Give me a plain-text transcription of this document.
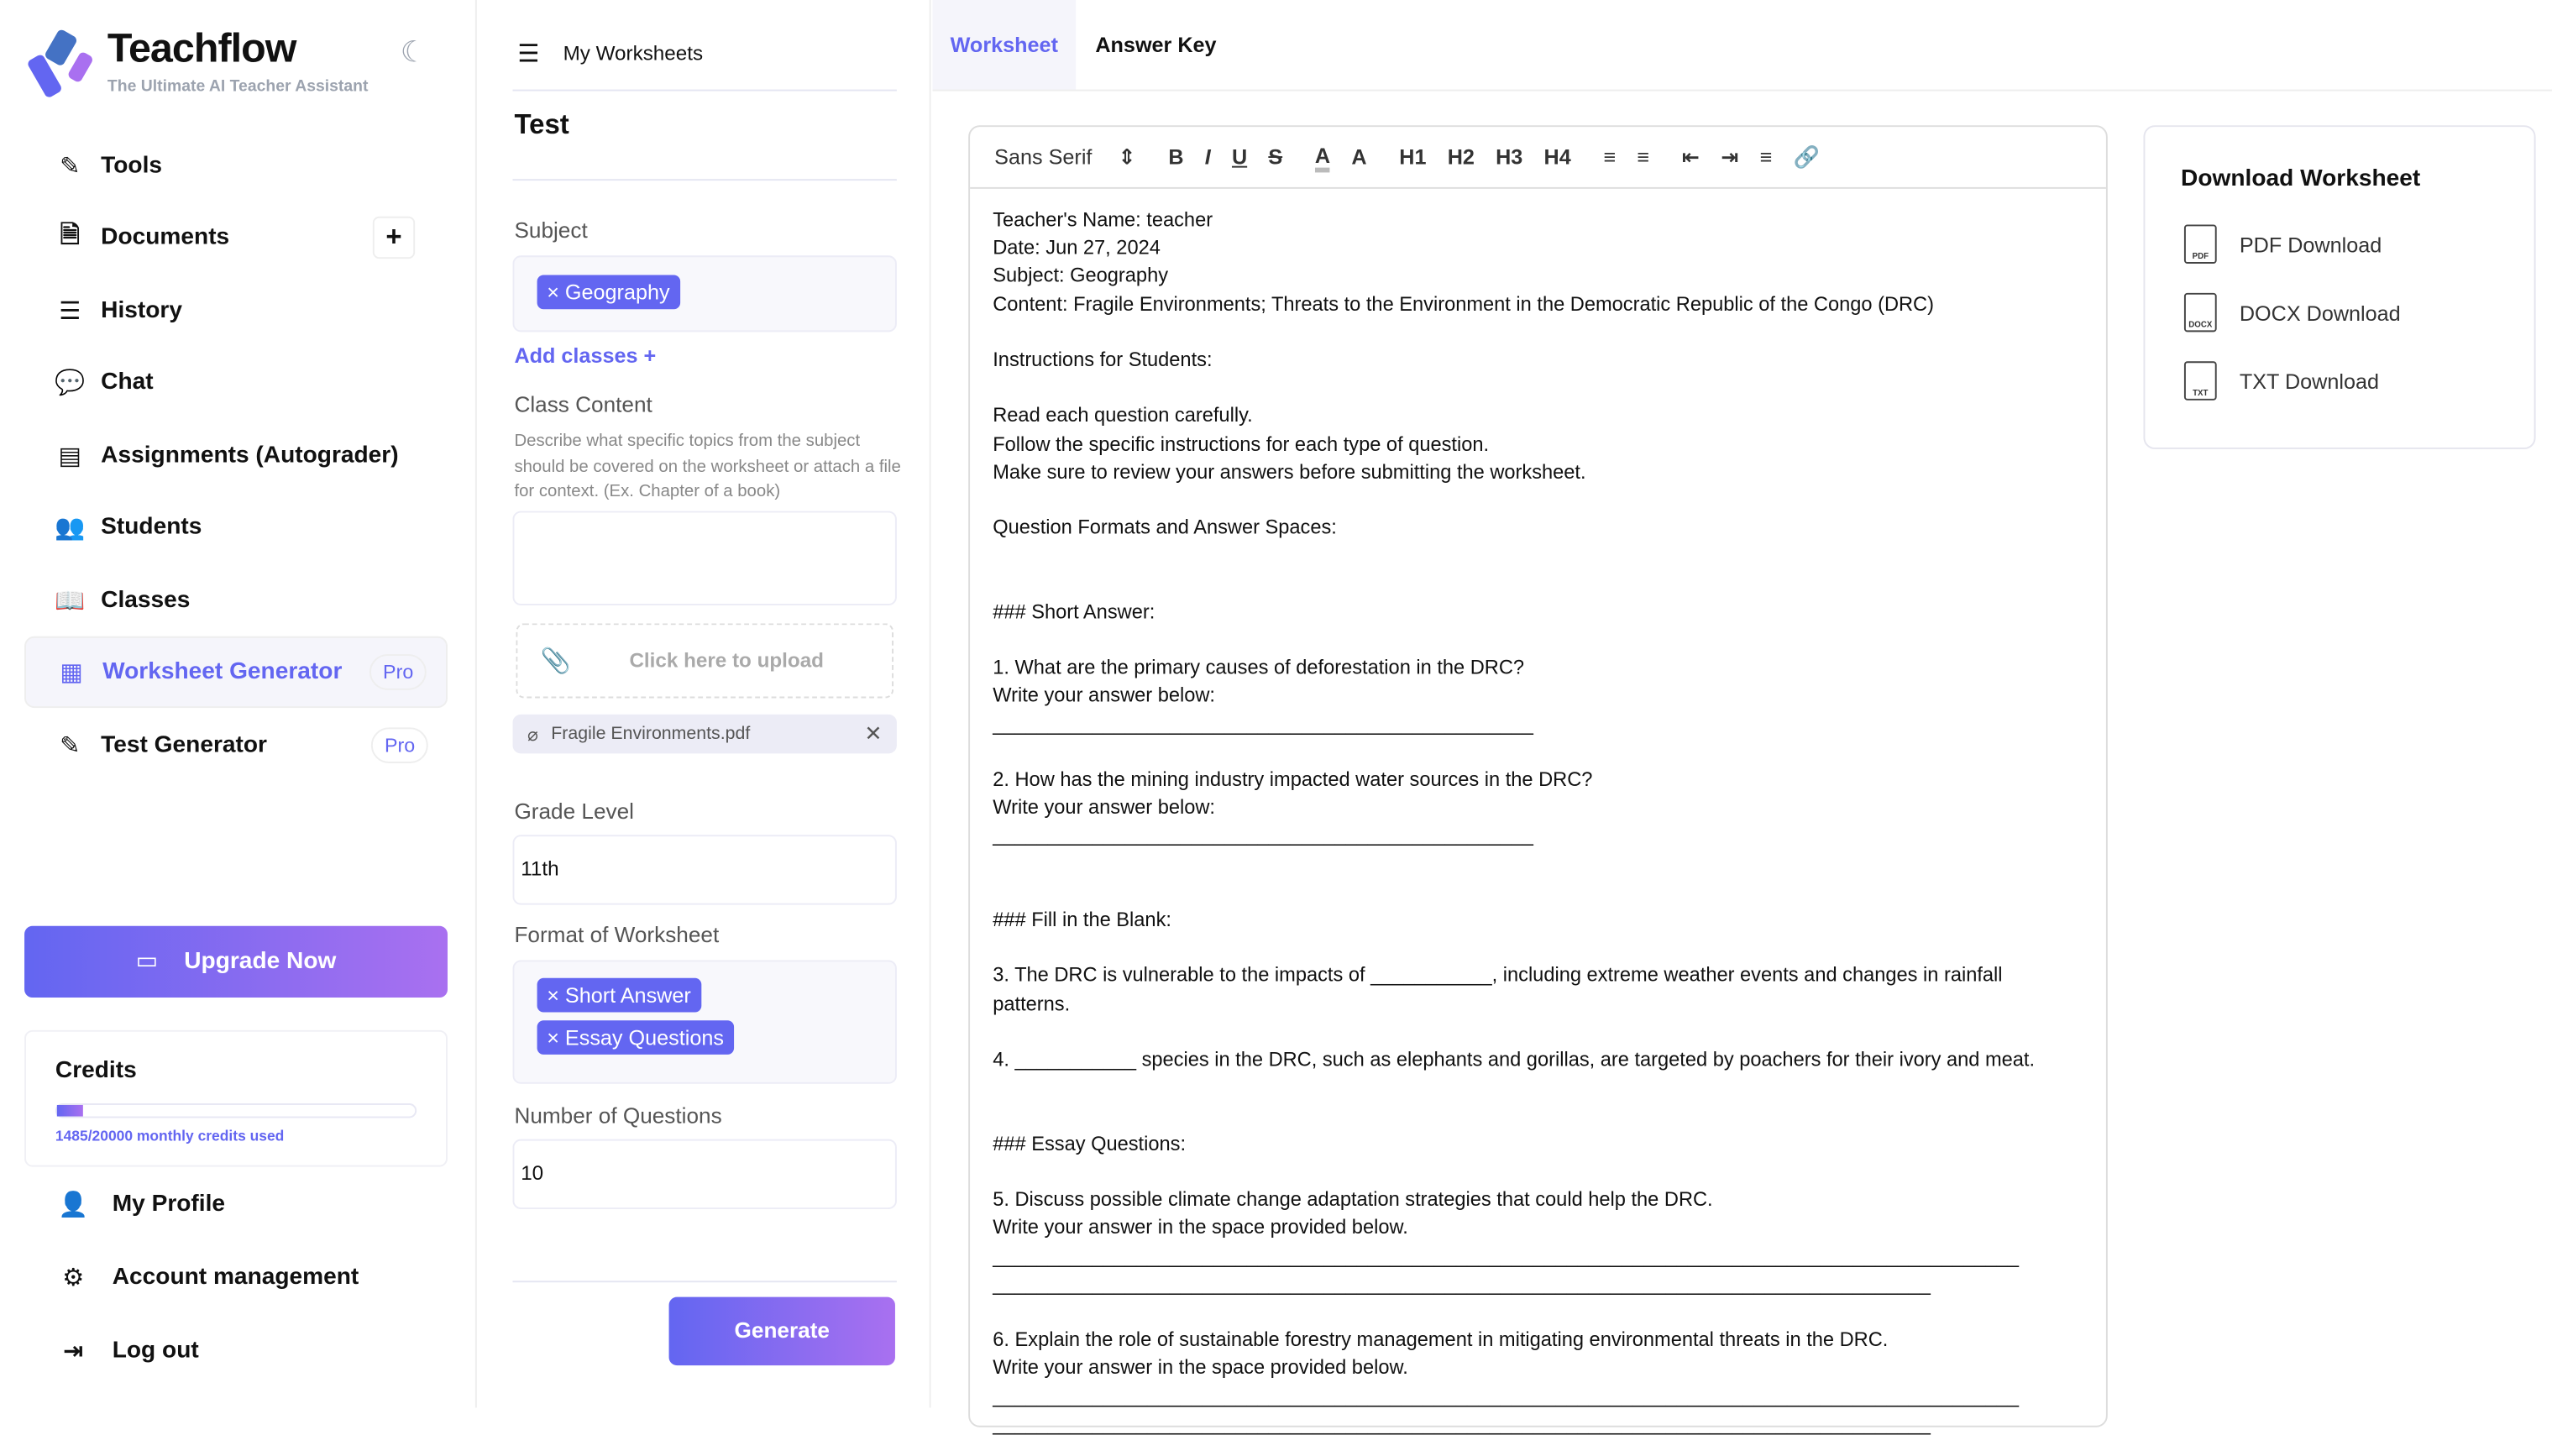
Teachflow
The Ultimate AI Teacher Assistant
☾
✎	Tools
🗎	Documents	+
☰	History
💬 Chat
▤	Assignments (Autograder)
👥 Students
📖 Classes
▦	Worksheet Generator	Pro
✎	Test Generator	Pro
👤 My Profile
⚙	Account management
⇥	Log out
▭ Upgrade Now
Credits
1485/20000 monthly credits used
☰ My Worksheets
Test
Subject
× Geography
Add classes +
Class Content
Describe what specific topics from the subject should be covered on the worksheet or attach a file for context. (Ex. Chapter of a book)
📎	Click here to upload
⌀ Fragile Environments.pdf	✕
Grade Level
11th
Format of Worksheet
× Short Answer
× Essay Questions
Number of Questions
10
Generate
Worksheet	Answer Key
Sans Serif ⇕	B I U S	A A	H1 H2 H3 H4	≡ ≡	⇤ ⇥ ≡ 🔗
Teacher's Name: teacher
Date: Jun 27, 2024
Subject: Geography
Content: Fragile Environments; Threats to the Environment in the Democratic Republic of the Congo (DRC)

Instructions for Students:

Read each question carefully.
Follow the specific instructions for each type of question.
Make sure to review your answers before submitting the worksheet.

Question Formats and Answer Spaces:

### Short Answer:

1. What are the primary causes of deforestation in the DRC?
Write your answer below:
_________________________________________________

2. How has the mining industry impacted water sources in the DRC?
Write your answer below:
_________________________________________________

### Fill in the Blank:

3. The DRC is vulnerable to the impacts of ___________, including extreme weather events and changes in rainfall patterns.

4. ___________ species in the DRC, such as elephants and gorillas, are targeted by poachers for their ivory and meat.

### Essay Questions:

5. Discuss possible climate change adaptation strategies that could help the DRC.
Write your answer in the space provided below.
_____________________________________________________________________________________________
_____________________________________________________________________________________

6. Explain the role of sustainable forestry management in mitigating environmental threats in the DRC.
Write your answer in the space provided below.
_____________________________________________________________________________________________
_____________________________________________________________________________________
Download Worksheet
PDF
PDF Download
DOCX
DOCX Download
TXT
TXT Download
